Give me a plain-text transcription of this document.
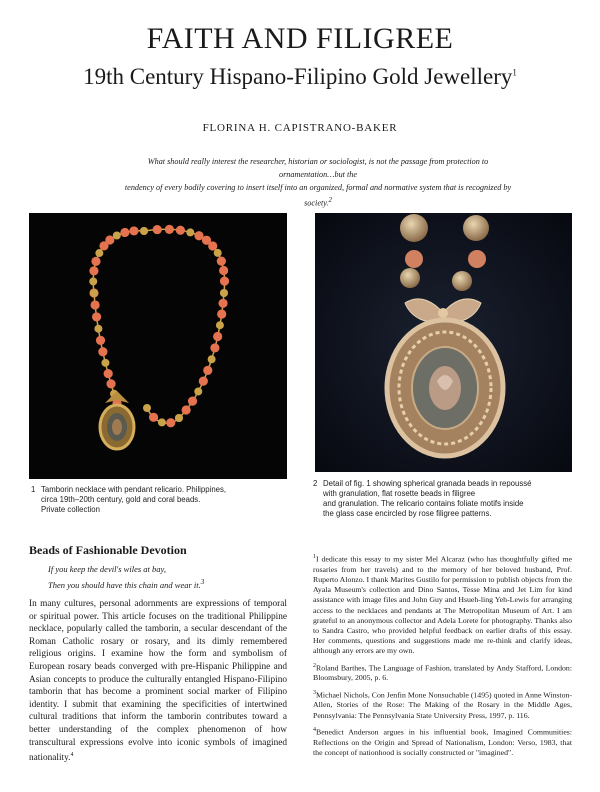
FAITH AND FILIGREE
19th Century Hispano-Filipino Gold Jewellery$^1$
FLORINA H. CAPISTRANO-BAKER
What should really interest the researcher, historian or sociologist, is not the passage from protection to ornamentation…but the
tendency of every bodily covering to insert itself into an organized, formal and normative system that is recognized by society.$^2$
1 Tamborin necklace with pendant relicario. Philippines,
circa 19th–20th century, gold and coral beads.
Private collection
2 Detail of fig. 1 showing spherical granada beads in repoussé
with granulation, flat rosette beads in filigree
and granulation. The relicario contains foliate motifs inside
the glass case encircled by rose filigree patterns.
Beads of Fashionable Devotion
If you keep the devil's wiles at bay,
Then you should have this chain and wear it.$^3$
In many cultures, personal adornments are expressions of temporal or spiritual power. This article focuses on the traditional Philippine necklace, popularly called the tamborin, a secular descendant of the Roman Catholic rosary or rosary, and its dimly remembered religious origins. I examine how the form and symbolism of European rosary beads converged with pre-Hispanic Philippine and Asian concepts to produce the culturally entangled Hispano-Filipino tamborin that has become a prominent social marker of Filipino identity. I submit that examining the specificities of intertwined cultural traditions that inform the tamborin contributes toward a better understanding of the complex phenomenon of how transcultural expressions evolve into iconic symbols of imagined nationality.$^4$

$^1$I dedicate this essay to my sister Mel Alcaraz (who has thoughtfully gifted me rosaries from her travels) and to the memory of her beloved husband, Prof. Ruperto Alonzo. I thank Marites Gustilo for permission to publish objects from the Ayala Museum's collection and Dino Santos, Tesse Mina and Jet Lim for kind assistance with image files and John Guy and Hsueh-ling Yeh-Lewis for arranging access to the necklaces and pendants at The Metropolitan Museum of Art. I am grateful to an anonymous collector and Adela Lorete for photography. Thanks also to Sandra Castro, who provided helpful feedback on earlier drafts of this essay. Her comments, questions and suggestions made me re-think and clarify ideas, although any errors are my own.

$^2$Roland Barthes, The Language of Fashion, translated by Andy Stafford, London: Bloomsbury, 2005, p. 6.

$^3$Michael Nichols, Con Jenfin Mone Nonsuchable (1495) quoted in Anne Winston-Allen, Stories of the Rose: The Making of the Rosary in the Middle Ages, Pennsylvania: The Pennsylvania State University Press, 1997, p. 116.

$^4$Benedict Anderson argues in his influential book, Imagined Communities: Reflections on the Origin and Spread of Nationalism, London: Verso, 1983, that the concept of nationhood is socially constructed or "imagined".
